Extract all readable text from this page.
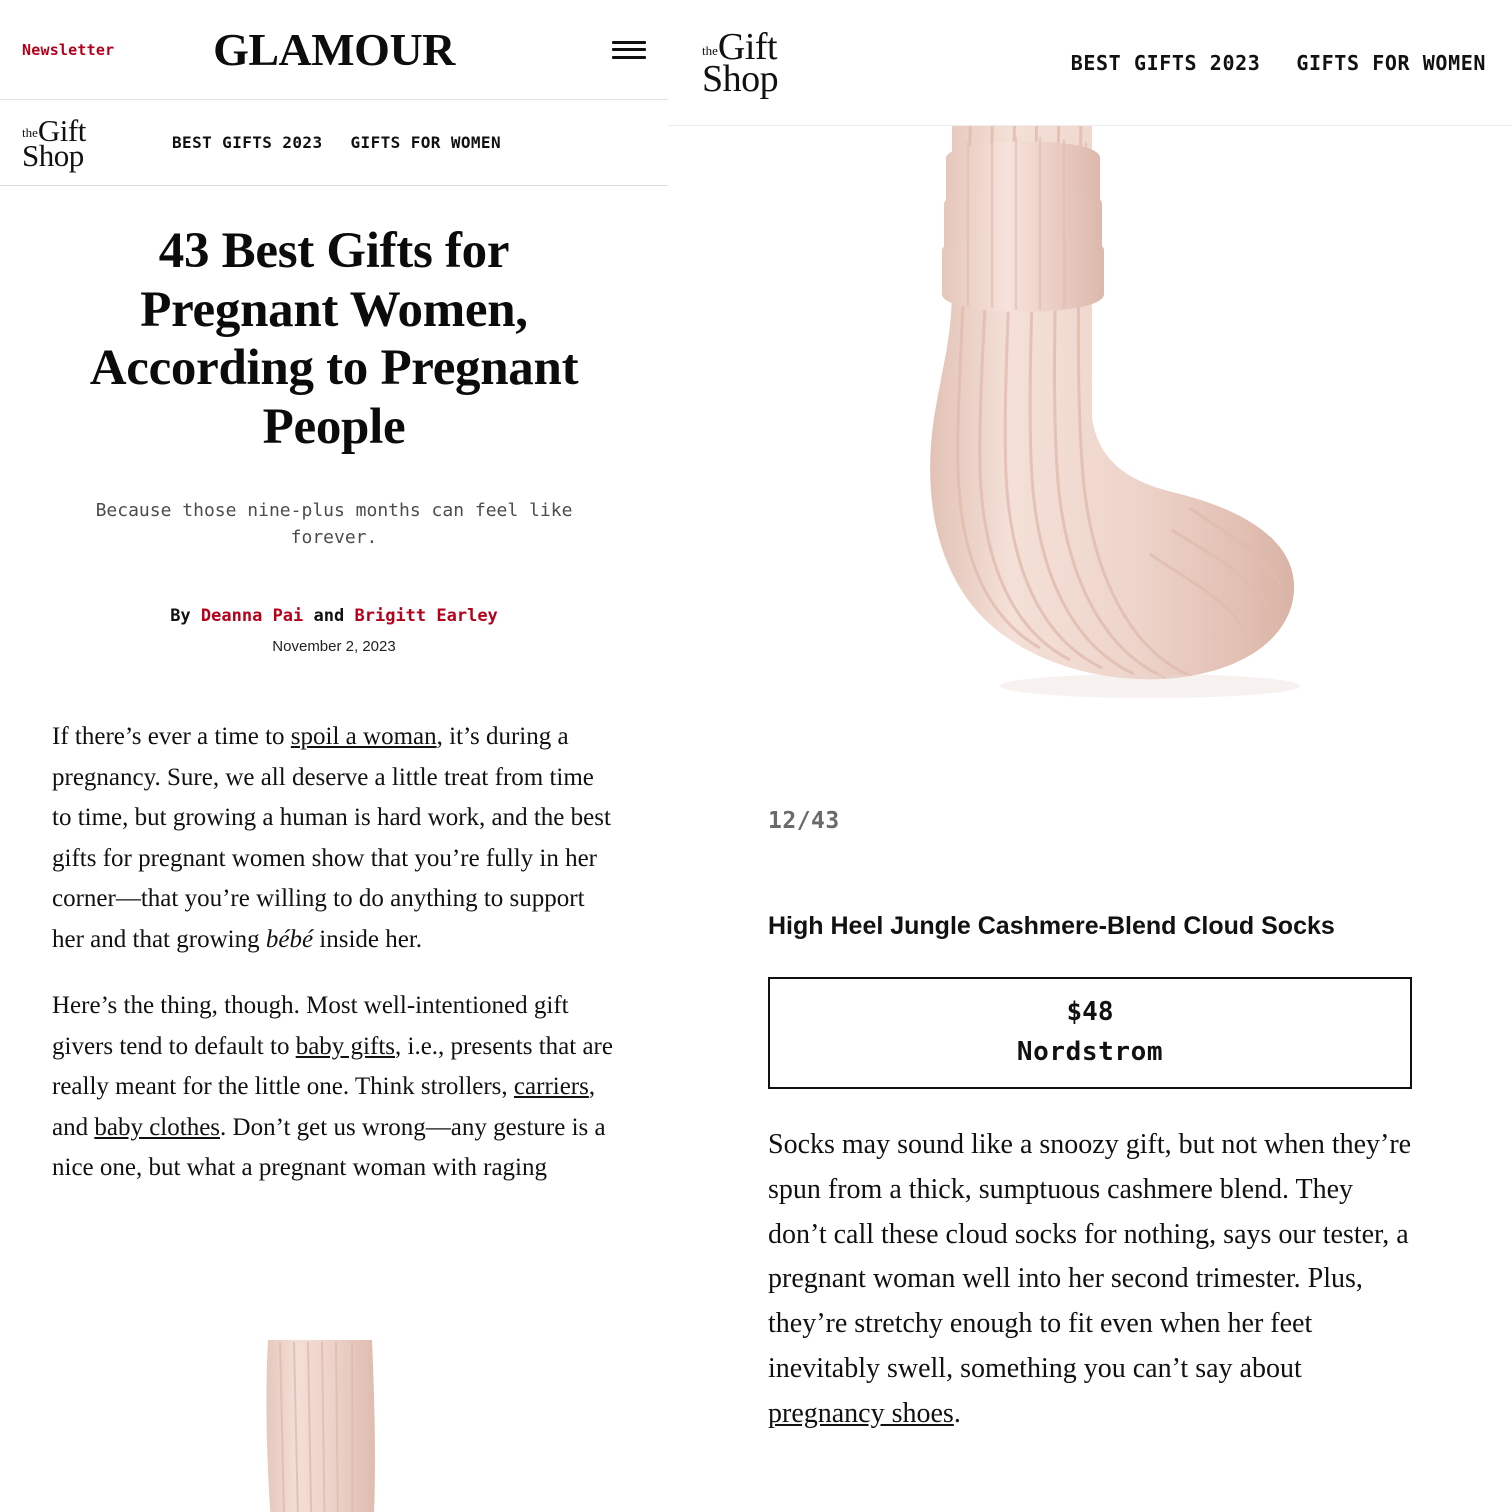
Newsletter	GLAMOUR
theGift
Shop	BEST GIFTS 2023 GIFTS FOR WOMEN
43 Best Gifts for Pregnant Women, According to Pregnant People
Because those nine-plus months can feel like forever.
By Deanna Pai and Brigitt Earley
November 2, 2023

If there’s ever a time to spoil a woman, it’s during a pregnancy. Sure, we all deserve a little treat from time to time, but growing a human is hard work, and the best gifts for pregnant women show that you’re fully in her corner—that you’re willing to do anything to support her and that growing bébé inside her.

Here’s the thing, though. Most well-intentioned gift givers tend to default to baby gifts, i.e., presents that are really meant for the little one. Think strollers, carriers, and baby clothes. Don’t get us wrong—any gesture is a nice one, but what a pregnant woman with raging

theGift
Shop	BEST GIFTS 2023 GIFTS FOR WOMEN
12/43
High Heel Jungle Cashmere-Blend Cloud Socks
$48
Nordstrom
Socks may sound like a snoozy gift, but not when they’re spun from a thick, sumptuous cashmere blend. They don’t call these cloud socks for nothing, says our tester, a pregnant woman well into her second trimester. Plus, they’re stretchy enough to fit even when her feet inevitably swell, something you can’t say about pregnancy shoes.
